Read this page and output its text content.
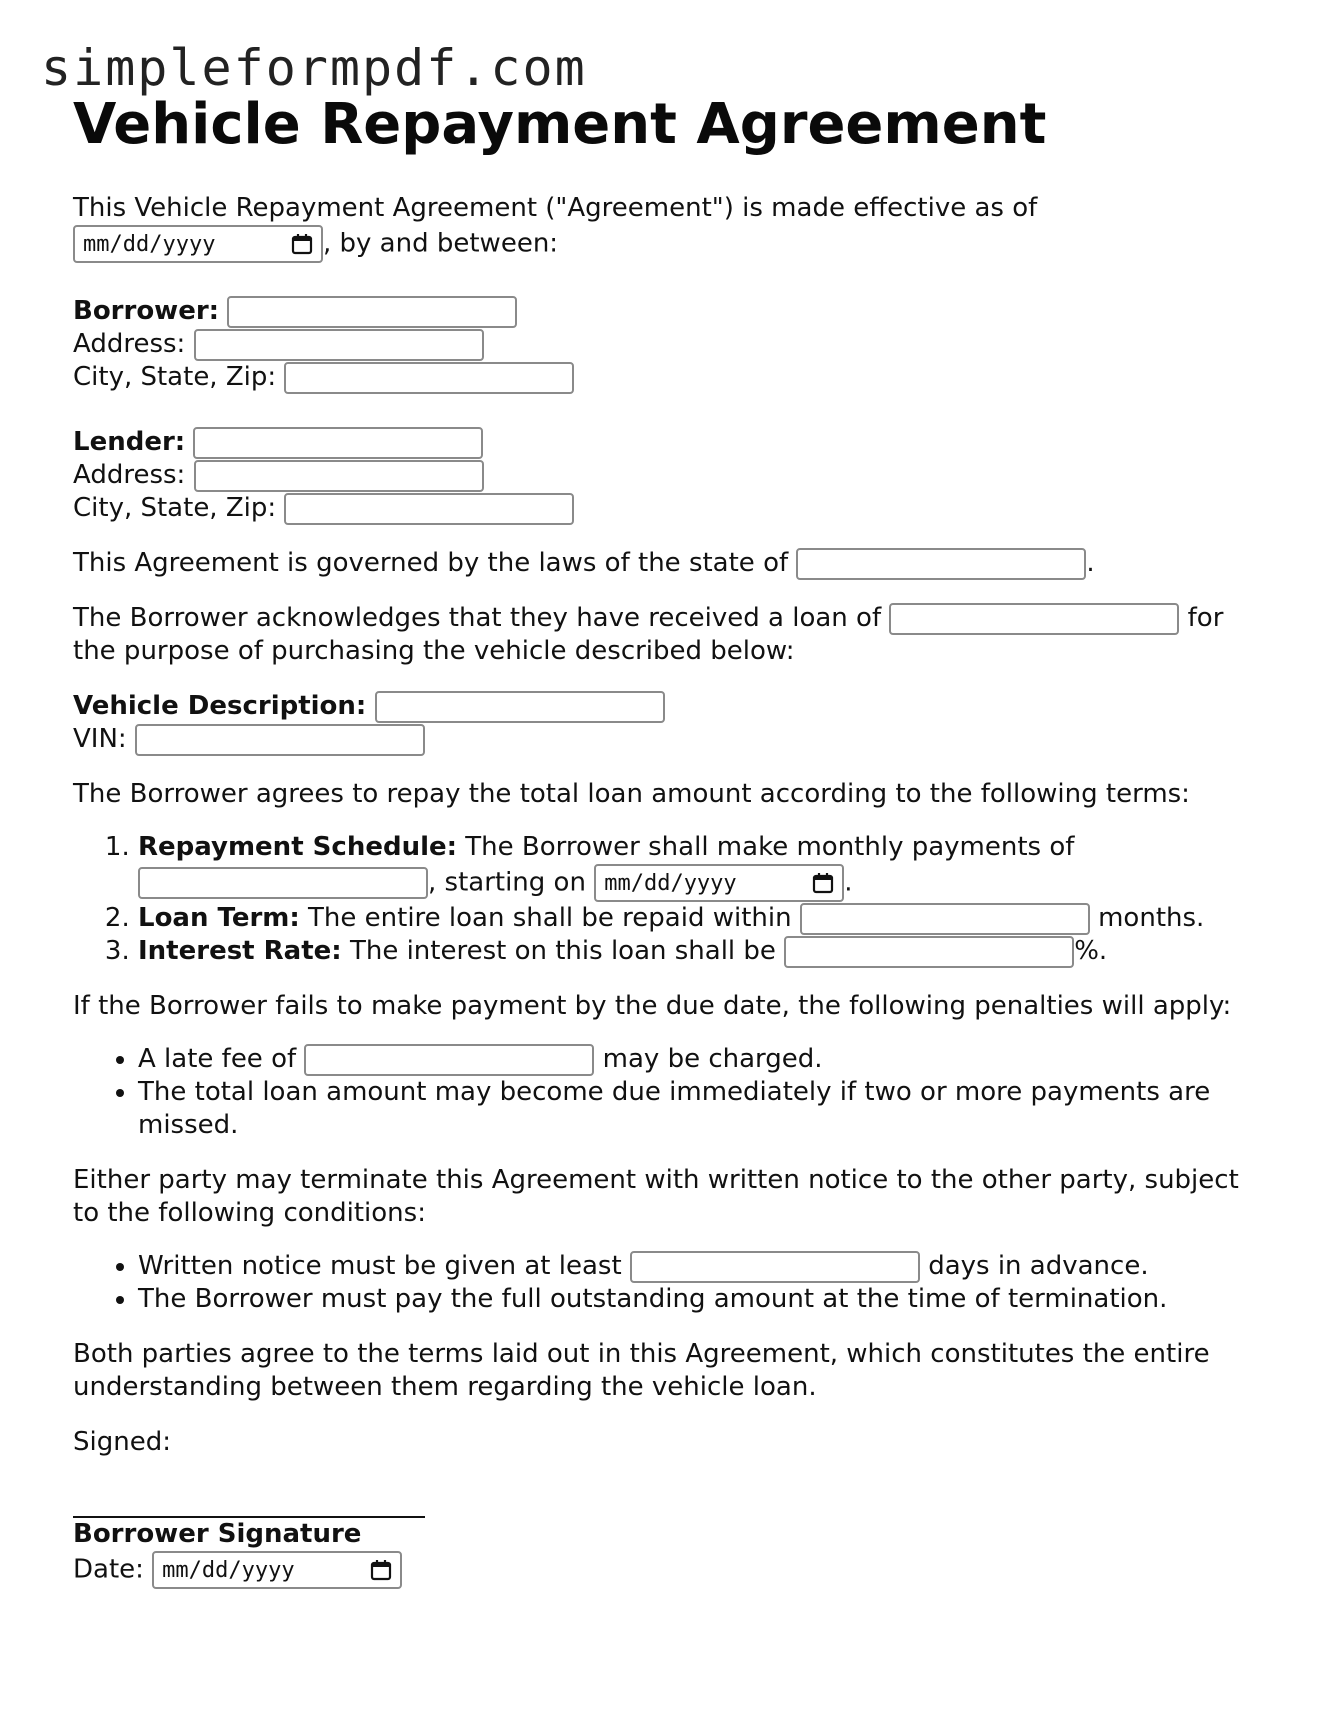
simpleformpdf.com
Vehicle Repayment Agreement

This Vehicle Repayment Agreement ("Agreement") is made effective as of

mm/dd/yyyy	, by and between:

Borrower:
Address:
City, State, Zip:
Lender:
Address:
City, State, Zip:

This Agreement is governed by the laws of the state of	.

The Borrower acknowledges that they have received a loan of	for the purpose of purchasing the vehicle described below:

Vehicle Description:
VIN:

The Borrower agrees to repay the total loan amount according to the following terms:

1. Repayment Schedule: The Borrower shall make monthly payments of
, starting on mm/dd/yyyy	.
2. Loan Term: The entire loan shall be repaid within	months.
3. Interest Rate: The interest on this loan shall be	%.

If the Borrower fails to make payment by the due date, the following penalties will apply:

• A late fee of	may be charged.
• The total loan amount may become due immediately if two or more payments are missed.

Either party may terminate this Agreement with written notice to the other party, subject to the following conditions:

• Written notice must be given at least	days in advance.
• The Borrower must pay the full outstanding amount at the time of termination.

Both parties agree to the terms laid out in this Agreement, which constitutes the entire understanding between them regarding the vehicle loan.

Signed:

Borrower Signature
Date: mm/dd/yyyy
